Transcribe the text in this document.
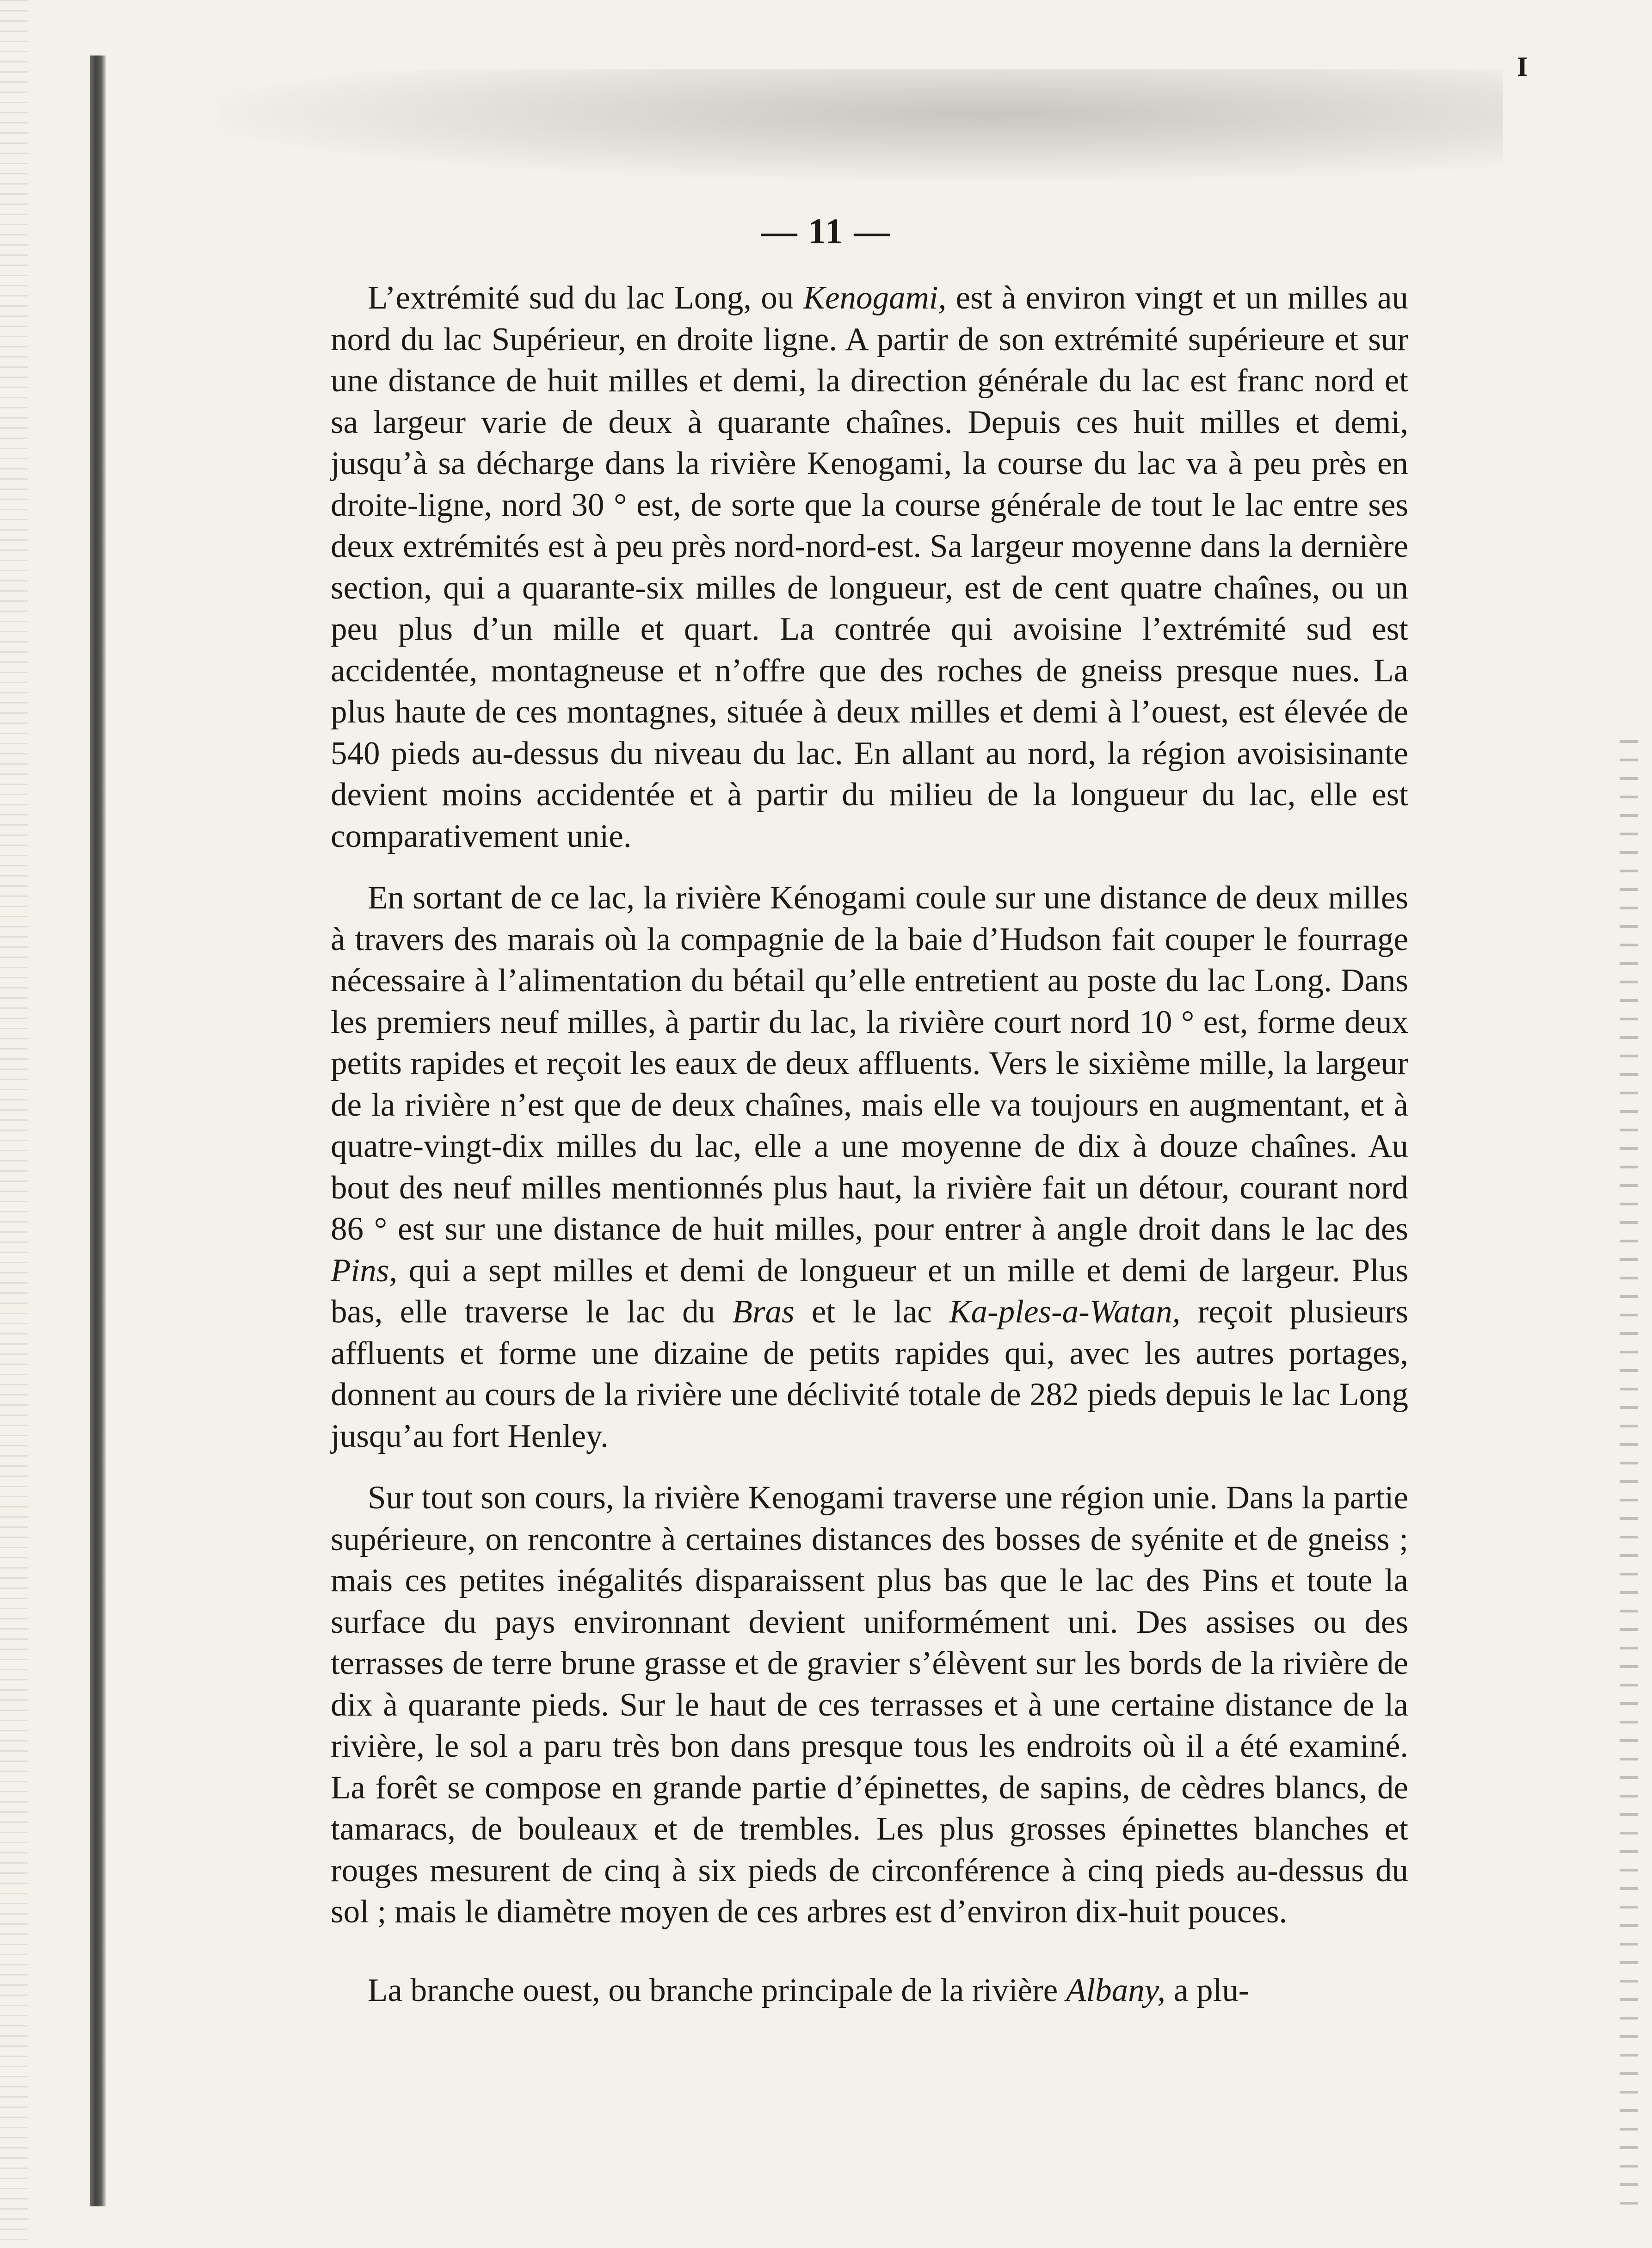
I
— 11 —

L’extrémité sud du lac Long, ou Kenogami, est à environ vingt et un milles au nord du lac Supérieur, en droite ligne. A partir de son extrémité supérieure et sur une distance de huit milles et demi, la direction générale du lac est franc nord et sa largeur varie de deux à quarante chaînes. Depuis ces huit milles et demi, jusqu’à sa décharge dans la rivière Kenogami, la course du lac va à peu près en droite-ligne, nord 30 ° est, de sorte que la course générale de tout le lac entre ses deux extrémités est à peu près nord-nord-est. Sa largeur moyenne dans la dernière section, qui a quarante-six milles de longueur, est de cent quatre chaînes, ou un peu plus d’un mille et quart. La contrée qui avoisine l’extrémité sud est accidentée, montagneuse et n’offre que des roches de gneiss presque nues. La plus haute de ces montagnes, située à deux milles et demi à l’ouest, est élevée de 540 pieds au-dessus du niveau du lac. En allant au nord, la région avoisisinante devient moins accidentée et à partir du milieu de la longueur du lac, elle est comparativement unie.

En sortant de ce lac, la rivière Kénogami coule sur une distance de deux milles à travers des marais où la compagnie de la baie d’Hudson fait couper le fourrage nécessaire à l’alimentation du bétail qu’elle entretient au poste du lac Long. Dans les premiers neuf milles, à partir du lac, la rivière court nord 10 ° est, forme deux petits rapides et reçoit les eaux de deux affluents. Vers le sixième mille, la largeur de la rivière n’est que de deux chaînes, mais elle va toujours en augmentant, et à quatre-vingt-dix milles du lac, elle a une moyenne de dix à douze chaînes. Au bout des neuf milles mentionnés plus haut, la rivière fait un détour, courant nord 86 ° est sur une distance de huit milles, pour entrer à angle droit dans le lac des Pins, qui a sept milles et demi de longueur et un mille et demi de largeur. Plus bas, elle traverse le lac du Bras et le lac Ka-ples-a-Watan, reçoit plusieurs affluents et forme une dizaine de petits rapides qui, avec les autres portages, donnent au cours de la rivière une déclivité totale de 282 pieds depuis le lac Long jusqu’au fort Henley.

Sur tout son cours, la rivière Kenogami traverse une région unie. Dans la partie supérieure, on rencontre à certaines distances des bosses de syénite et de gneiss ; mais ces petites inégalités disparaissent plus bas que le lac des Pins et toute la surface du pays environnant devient uniformément uni. Des assises ou des terrasses de terre brune grasse et de gravier s’élèvent sur les bords de la rivière de dix à quarante pieds. Sur le haut de ces terrasses et à une certaine distance de la rivière, le sol a paru très bon dans presque tous les endroits où il a été examiné. La forêt se compose en grande partie d’épinettes, de sapins, de cèdres blancs, de tamaracs, de bouleaux et de trembles. Les plus grosses épinettes blanches et rouges mesurent de cinq à six pieds de circonférence à cinq pieds au-dessus du sol ; mais le diamètre moyen de ces arbres est d’environ dix-huit pouces.

La branche ouest, ou branche principale de la rivière Albany, a plu-
